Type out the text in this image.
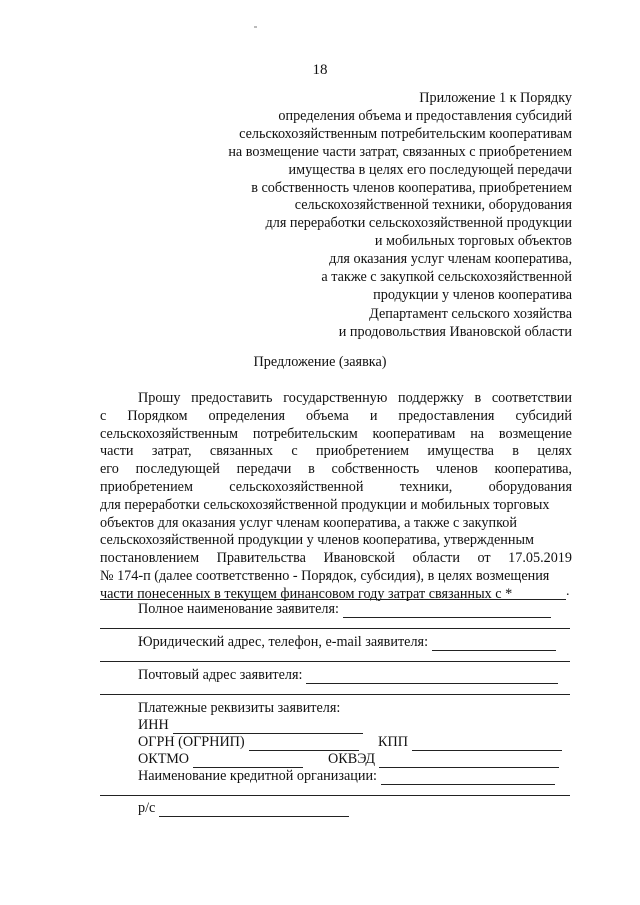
18
Приложение 1 к Порядку
определения объема и предоставления субсидий
сельскохозяйственным потребительским кооперативам
на возмещение части затрат, связанных с приобретением
имущества в целях его последующей передачи
в собственность членов кооператива, приобретением
сельскохозяйственной техники, оборудования
для переработки сельскохозяйственной продукции
и мобильных торговых объектов
для оказания услуг членам кооператива,
а также с закупкой сельскохозяйственной
продукции у членов кооператива
Департамент сельского хозяйства
и продовольствия Ивановской области
Предложение (заявка)
Прошу предоставить государственную поддержку в соответствии
с Порядком определения объема и предоставления субсидий
сельскохозяйственным потребительским кооперативам на возмещение
части затрат, связанных с приобретением имущества в целях
его последующей передачи в собственность членов кооператива,
приобретением	сельскохозяйственной	техники,	оборудования
для переработки сельскохозяйственной продукции и мобильных торговых
объектов для оказания услуг членам кооператива, а также с закупкой
сельскохозяйственной продукции у членов кооператива, утвержденным
постановлением Правительства Ивановской области от 17.05.2019
№ 174-п (далее соответственно - Порядок, субсидия), в целях возмещения
части понесенных в текущем финансовом году затрат связанных с *	.
Полное наименование заявителя:
Юридический адрес, телефон, e-mail заявителя:
Почтовый адрес заявителя:
Платежные реквизиты заявителя:
ИНН
ОГРН (ОГРНИП)	КПП
ОКТМО	ОКВЭД
Наименование кредитной организации:
р/с
